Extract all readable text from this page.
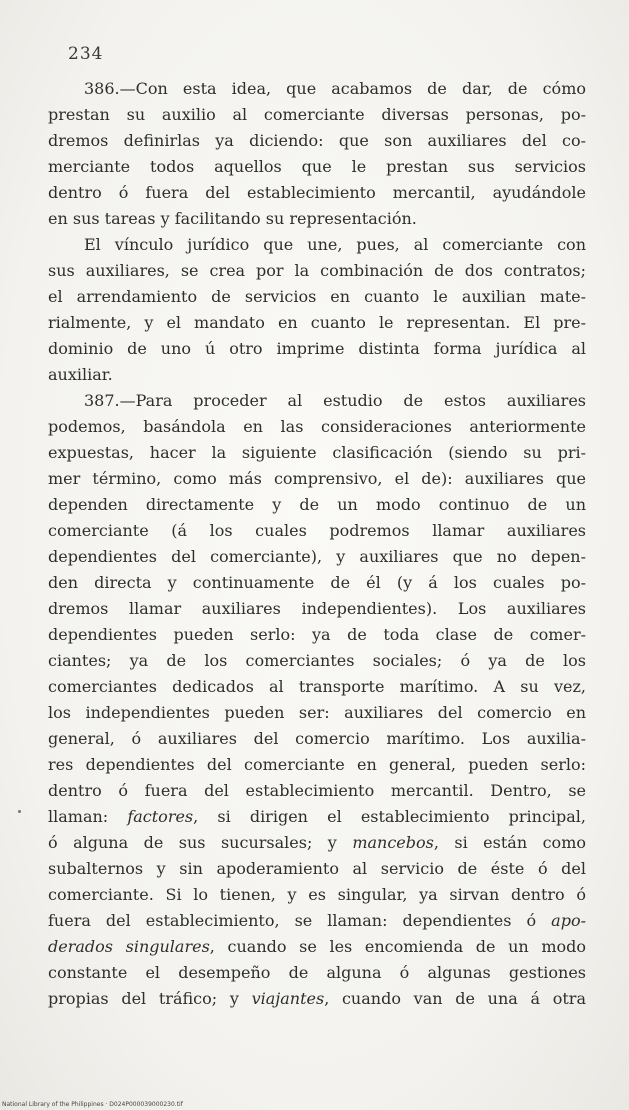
234
386.—Con esta idea, que acabamos de dar, de cómo
prestan su auxilio al comerciante diversas personas, po-
dremos definirlas ya diciendo: que son auxiliares del co-
merciante todos aquellos que le prestan sus servicios
dentro ó fuera del establecimiento mercantil, ayudándole
en sus tareas y facilitando su representación.
El vínculo jurídico que une, pues, al comerciante con
sus auxiliares, se crea por la combinación de dos contratos;
el arrendamiento de servicios en cuanto le auxilian mate-
rialmente, y el mandato en cuanto le representan. El pre-
dominio de uno ú otro imprime distinta forma jurídica al
auxiliar.
387.—Para proceder al estudio de estos auxiliares
podemos, basándola en las consideraciones anteriormente
expuestas, hacer la siguiente clasificación (siendo su pri-
mer término, como más comprensivo, el de): auxiliares que
dependen directamente y de un modo continuo de un
comerciante (á los cuales podremos llamar auxiliares
dependientes del comerciante), y auxiliares que no depen-
den directa y continuamente de él (y á los cuales po-
dremos llamar auxiliares independientes). Los auxiliares
dependientes pueden serlo: ya de toda clase de comer-
ciantes; ya de los comerciantes sociales; ó ya de los
comerciantes dedicados al transporte marítimo. A su vez,
los independientes pueden ser: auxiliares del comercio en
general, ó auxiliares del comercio marítimo. Los auxilia-
res dependientes del comerciante en general, pueden serlo:
dentro ó fuera del establecimiento mercantil. Dentro, se
llaman: factores, si dirigen el establecimiento principal,
ó alguna de sus sucursales; y mancebos, si están como
subalternos y sin apoderamiento al servicio de éste ó del
comerciante. Si lo tienen, y es singular, ya sirvan dentro ó
fuera del establecimiento, se llaman: dependientes ó apo-
derados singulares, cuando se les encomienda de un modo
constante el desempeño de alguna ó algunas gestiones
propias del tráfico; y viajantes, cuando van de una á otra
National Library of the Philippines · D024P000039000230.tif
